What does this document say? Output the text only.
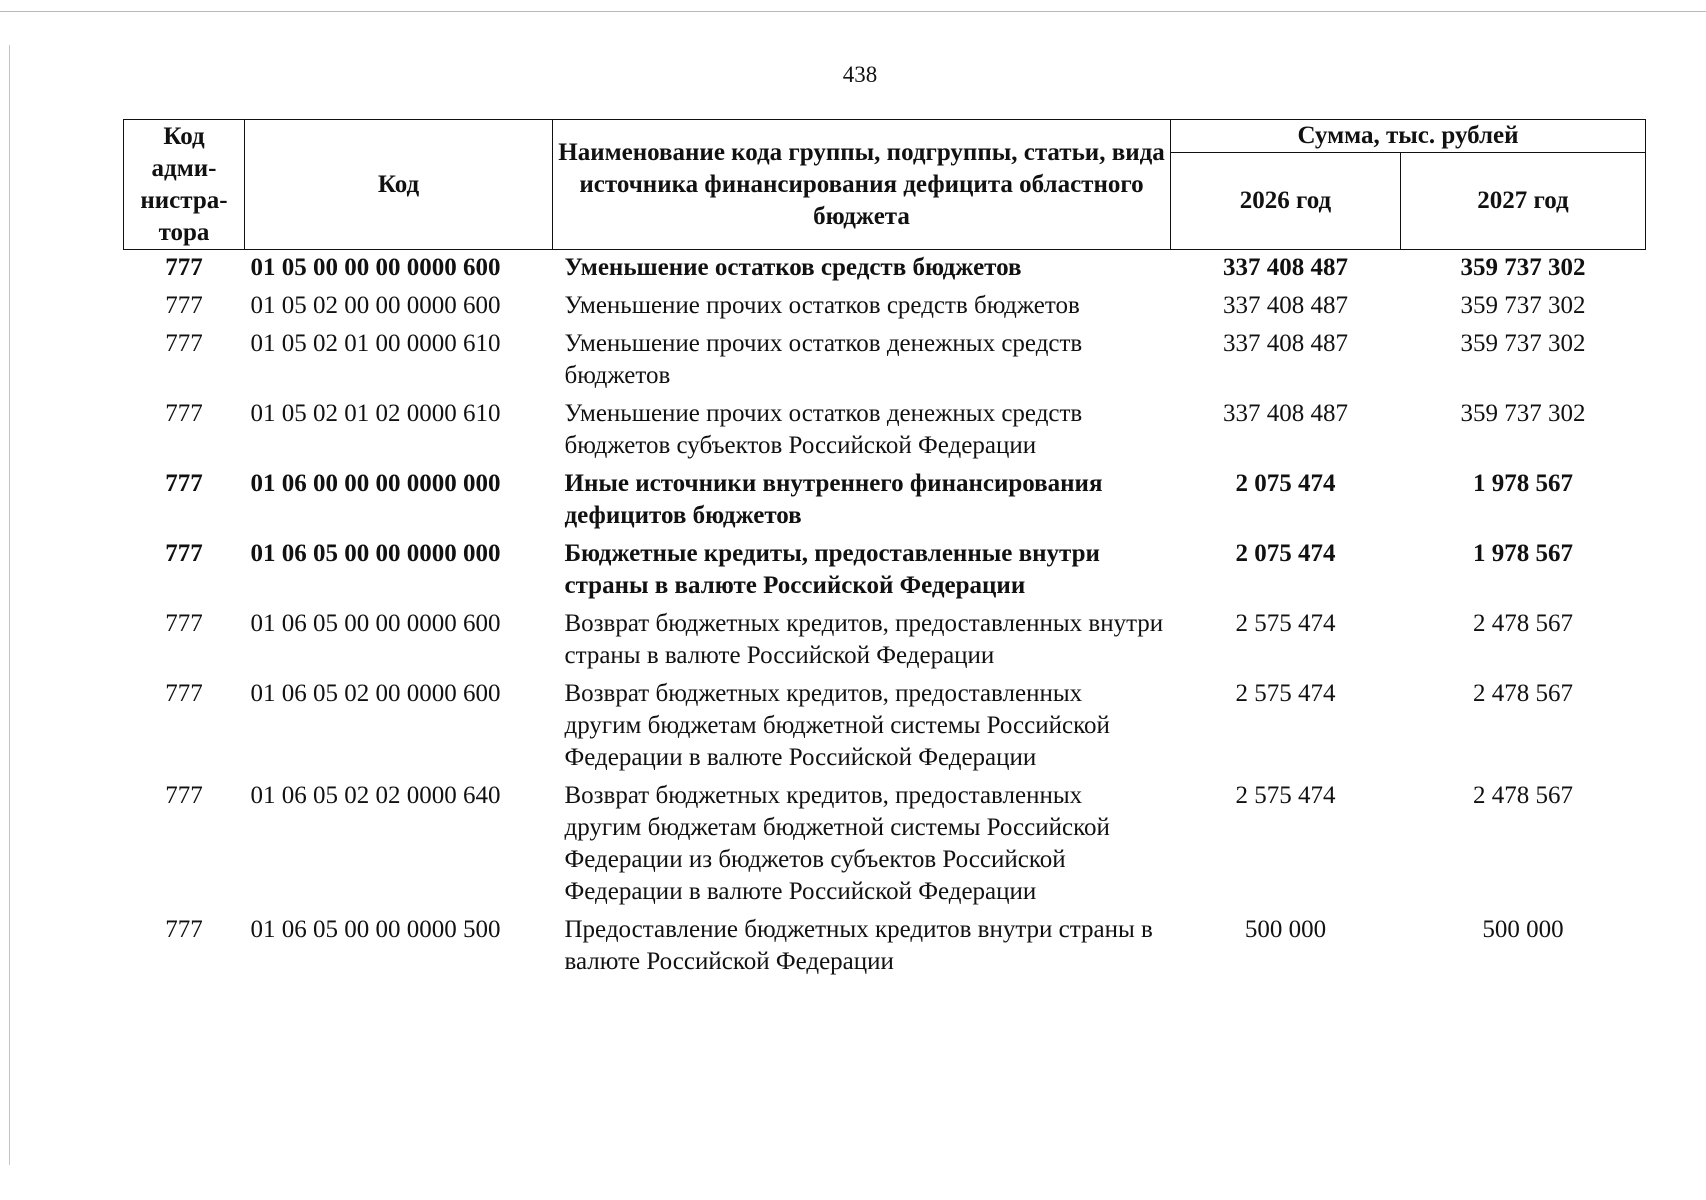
438
Код адми-нистра-тора	Код	Наименование кода группы, подгруппы, статьи, вида источника финансирования дефицита областного бюджета	Сумма, тыс. рублей	
			2026 год	2027 год
777	01 05 00 00 00 0000 600	Уменьшение остатков средств бюджетов	337 408 487	359 737 302
777	01 05 02 00 00 0000 600	Уменьшение прочих остатков средств бюджетов	337 408 487	359 737 302
777	01 05 02 01 00 0000 610	Уменьшение прочих остатков денежных средств бюджетов	337 408 487	359 737 302
777	01 05 02 01 02 0000 610	Уменьшение прочих остатков денежных средств бюджетов субъектов Российской Федерации	337 408 487	359 737 302
777	01 06 00 00 00 0000 000	Иные источники внутреннего финансирования дефицитов бюджетов	2 075 474	1 978 567
777	01 06 05 00 00 0000 000	Бюджетные кредиты, предоставленные внутри страны в валюте Российской Федерации	2 075 474	1 978 567
777	01 06 05 00 00 0000 600	Возврат бюджетных кредитов, предоставленных внутри страны в валюте Российской Федерации	2 575 474	2 478 567
777	01 06 05 02 00 0000 600	Возврат бюджетных кредитов, предоставленных другим бюджетам бюджетной системы Российской Федерации в валюте Российской Федерации	2 575 474	2 478 567
777	01 06 05 02 02 0000 640	Возврат бюджетных кредитов, предоставленных другим бюджетам бюджетной системы Российской Федерации из бюджетов субъектов Российской Федерации в валюте Российской Федерации	2 575 474	2 478 567
777	01 06 05 00 00 0000 500	Предоставление бюджетных кредитов внутри страны в валюте Российской Федерации	500 000	500 000
